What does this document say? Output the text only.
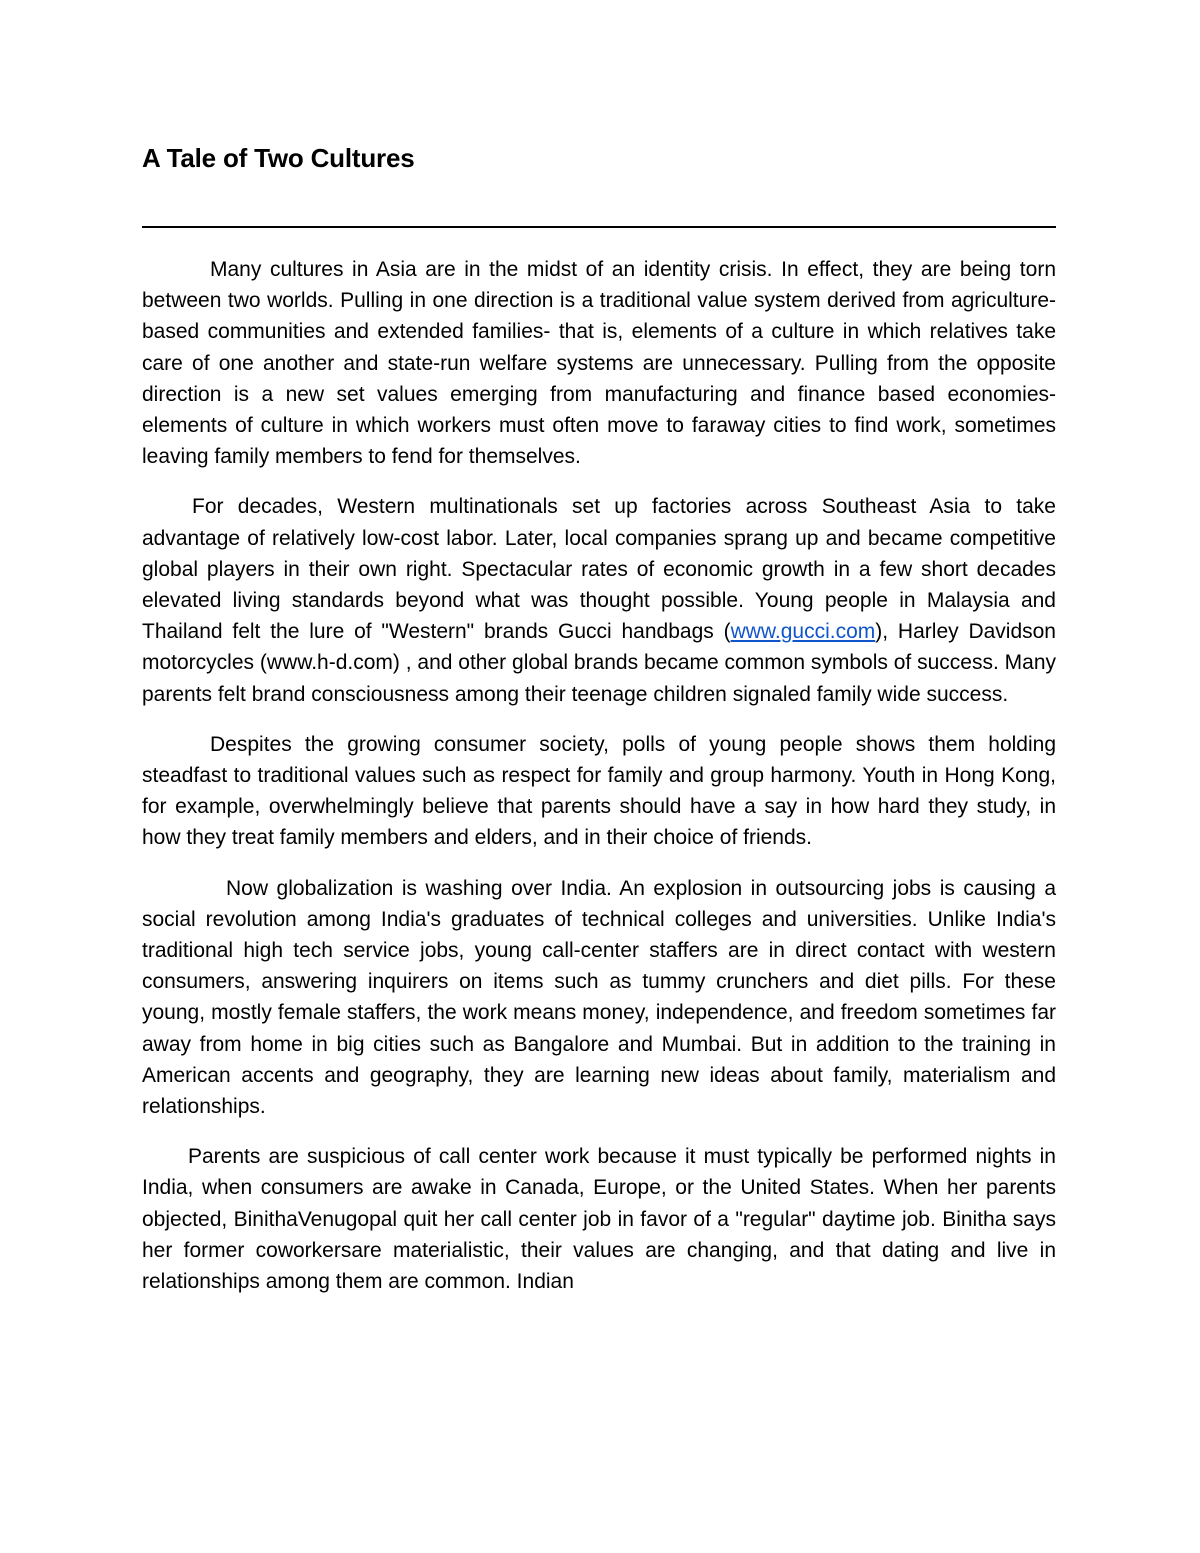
A Tale of Two Cultures

Many cultures in Asia are in the midst of an identity crisis. In effect, they are being torn between two worlds. Pulling in one direction is a traditional value system derived from agriculture-based communities and extended families- that is, elements of a culture in which relatives take care of one another and state-run welfare systems are unnecessary. Pulling from the opposite direction is a new set values emerging from manufacturing and finance based economies- elements of culture in which workers must often move to faraway cities to find work, sometimes leaving family members to fend for themselves.

For decades, Western multinationals set up factories across Southeast Asia to take advantage of relatively low-cost labor. Later, local companies sprang up and became competitive global players in their own right. Spectacular rates of economic growth in a few short decades elevated living standards beyond what was thought possible. Young people in Malaysia and Thailand felt the lure of "Western" brands Gucci handbags (www.gucci.com), Harley Davidson motorcycles (www.h-d.com) , and other global brands became common symbols of success. Many parents felt brand consciousness among their teenage children signaled family wide success.

Despites the growing consumer society, polls of young people shows them holding steadfast to traditional values such as respect for family and group harmony. Youth in Hong Kong, for example, overwhelmingly believe that parents should have a say in how hard they study, in how they treat family members and elders, and in their choice of friends.

Now globalization is washing over India. An explosion in outsourcing jobs is causing a social revolution among India's graduates of technical colleges and universities. Unlike India's traditional high tech service jobs, young call-center staffers are in direct contact with western consumers, answering inquirers on items such as tummy crunchers and diet pills. For these young, mostly female staffers, the work means money, independence, and freedom sometimes far away from home in big cities such as Bangalore and Mumbai. But in addition to the training in American accents and geography, they are learning new ideas about family, materialism and relationships.

Parents are suspicious of call center work because it must typically be performed nights in India, when consumers are awake in Canada, Europe, or the United States. When her parents objected, BinithaVenugopal quit her call center job in favor of a "regular" daytime job. Binitha says her former coworkersare materialistic, their values are changing, and that dating and live in relationships among them are common. Indian
